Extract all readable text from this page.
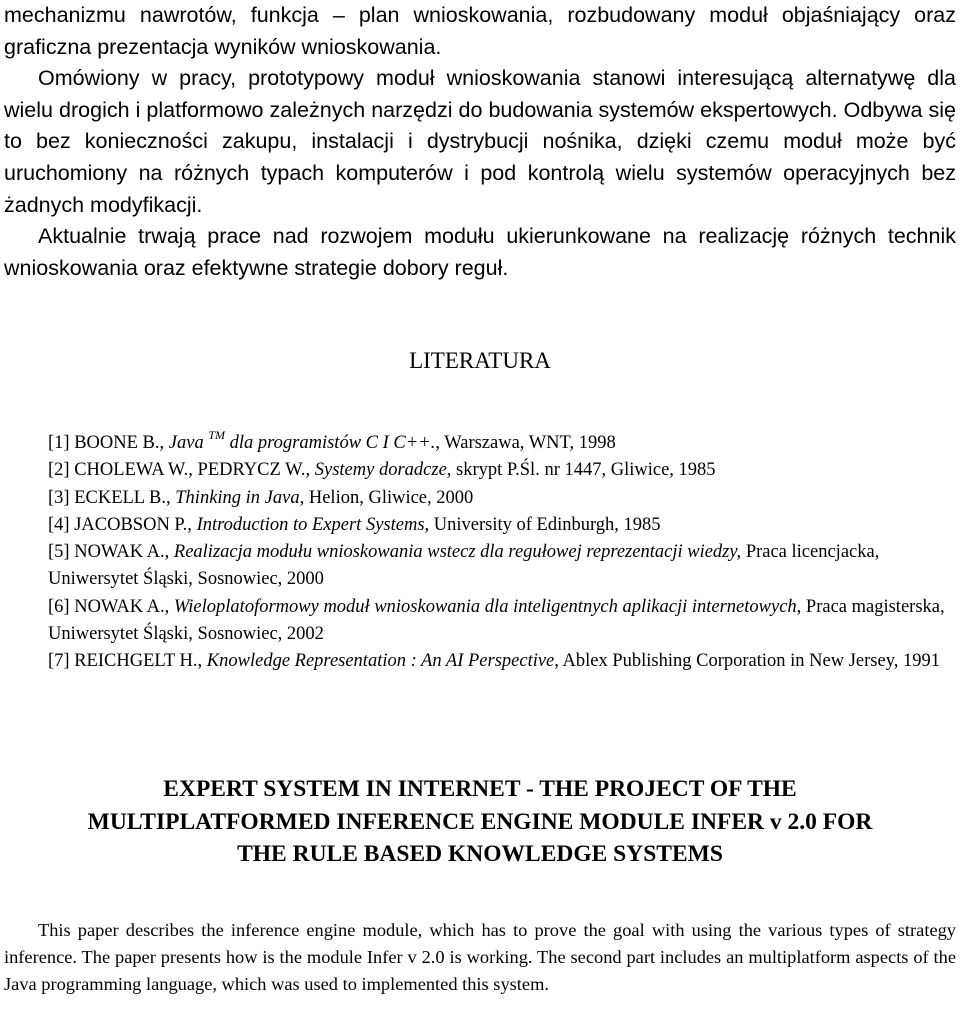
mechanizmu nawrotów, funkcja – plan wnioskowania, rozbudowany moduł objaśniający oraz graficzna prezentacja wyników wnioskowania.

Omówiony w pracy, prototypowy moduł wnioskowania stanowi interesującą alternatywę dla wielu drogich i platformowo zależnych narzędzi do budowania systemów ekspertowych. Odbywa się to bez konieczności zakupu, instalacji i dystrybucji nośnika, dzięki czemu moduł może być uruchomiony na różnych typach komputerów i pod kontrolą wielu systemów operacyjnych bez żadnych modyfikacji.

Aktualnie trwają prace nad rozwojem modułu ukierunkowane na realizację różnych technik wnioskowania oraz efektywne strategie dobory reguł.

LITERATURA

[1] BOONE B., Java ™ dla programistów C I C++., Warszawa, WNT, 1998

[2] CHOLEWA W., PEDRYCZ W., Systemy doradcze, skrypt P.Śl. nr 1447, Gliwice, 1985

[3] ECKELL B., Thinking in Java, Helion, Gliwice, 2000

[4] JACOBSON P., Introduction to Expert Systems, University of Edinburgh, 1985

[5] NOWAK A., Realizacja modułu wnioskowania wstecz dla regułowej reprezentacji wiedzy, Praca licencjacka, Uniwersytet Śląski, Sosnowiec, 2000

[6] NOWAK A., Wieloplatoformowy moduł wnioskowania dla inteligentnych aplikacji internetowych, Praca magisterska, Uniwersytet Śląski, Sosnowiec, 2002

[7] REICHGELT H., Knowledge Representation : An AI Perspective, Ablex Publishing Corporation in New Jersey, 1991

EXPERT SYSTEM IN INTERNET - THE PROJECT OF THE
MULTIPLATFORMED INFERENCE ENGINE MODULE INFER v 2.0 FOR
THE RULE BASED KNOWLEDGE SYSTEMS
This paper describes the inference engine module, which has to prove the goal with using the various types of strategy inference. The paper presents how is the module Infer v 2.0 is working. The second part includes an multiplatform aspects of the Java programming language, which was used to implemented this system.
